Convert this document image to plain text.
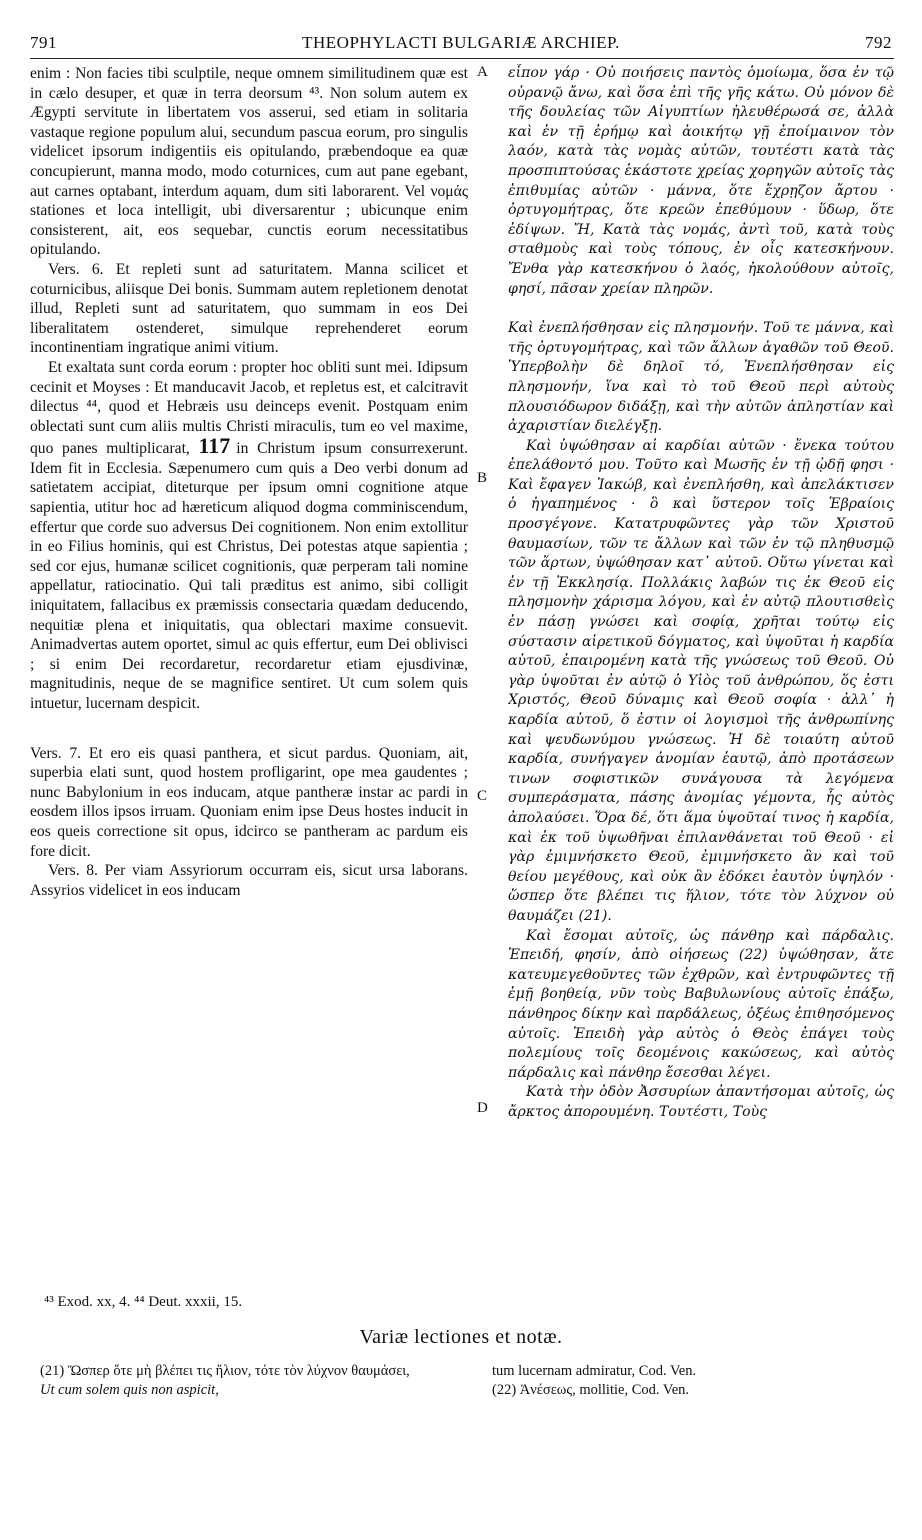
791	THEOPHYLACTI BULGARIÆ ARCHIEP.	792

enim : Non facies tibi sculptile, neque omnem similitudinem quæ est in cælo desuper, et quæ in terra deorsum ⁴³. Non solum autem ex Ægypti servitute in libertatem vos asserui, sed etiam in solitaria vastaque regione populum alui, secundum pascua eorum, pro singulis videlicet ipsorum indigentiis eis opitulando, præbendoque ea quæ concupierunt, manna modo, modo coturnices, cum aut pane egebant, aut carnes optabant, interdum aquam, dum siti laborarent. Vel νομάς stationes et loca intelligit, ubi diversarentur ; ubicunque enim consisterent, ait, eos sequebar, cunctis eorum necessitatibus opitulando.

Vers. 6. Et repleti sunt ad saturitatem. Manna scilicet et coturnicibus, aliisque Dei bonis. Summam autem repletionem denotat illud, Repleti sunt ad saturitatem, quo summam in eos Dei liberalitatem ostenderet, simulque reprehenderet eorum incontinentiam ingratique animi vitium.

Et exaltata sunt corda eorum : propter hoc obliti sunt mei. Idipsum cecinit et Moyses : Et manducavit Jacob, et repletus est, et calcitravit dilectus ⁴⁴, quod et Hebræis usu deinceps evenit. Postquam enim oblectati sunt cum aliis multis Christi miraculis, tum eo vel maxime, quo panes multiplicarat, 117 in Christum ipsum consurrexerunt. Idem fit in Ecclesia. Sæpenumero cum quis a Deo verbi donum ad satietatem accipiat, diteturque per ipsum omni cognitione atque sapientia, utitur hoc ad hæreticum aliquod dogma comminiscendum, effertur que corde suo adversus Dei cognitionem. Non enim extollitur in eo Filius hominis, qui est Christus, Dei potestas atque sapientia ; sed cor ejus, humanæ scilicet cognitionis, quæ perperam tali nomine appellatur, ratiocinatio. Qui tali præditus est animo, sibi colligit iniquitatem, fallacibus ex præmissis consectaria quædam deducendo, nequitiæ plena et iniquitatis, qua oblectari maxime consuevit. Animadvertas autem oportet, simul ac quis effertur, eum Dei oblivisci ; si enim Dei recordaretur, recordaretur etiam ejusdivinæ, magnitudinis, neque de se magnifice sentiret. Ut cum solem quis intuetur, lucernam despicit.

Vers. 7. Et ero eis quasi panthera, et sicut pardus. Quoniam, ait, superbia elati sunt, quod hostem profligarint, ope mea gaudentes ; nunc Babylonium in eos inducam, atque pantheræ instar ac pardi in eosdem illos ipsos irruam. Quoniam enim ipse Deus hostes inducit in eos queis correctione sit opus, idcirco se pantheram ac pardum eis fore dicit.

Vers. 8. Per viam Assyriorum occurram eis, sicut ursa laborans. Assyrios videlicet in eos inducam

A
B
C
D

εἶπον γάρ · Οὐ ποιήσεις παντὸς ὁμοίωμα, ὅσα ἐν τῷ οὐρανῷ ἄνω, καὶ ὅσα ἐπὶ τῆς γῆς κάτω. Οὐ μόνον δὲ τῆς δουλείας τῶν Αἰγυπτίων ἠλευθέρωσά σε, ἀλλὰ καὶ ἐν τῇ ἐρήμῳ καὶ ἀοικήτῳ γῇ ἐποίμαινον τὸν λαόν, κατὰ τὰς νομὰς αὐτῶν, τουτέστι κατὰ τὰς προσπιπτούσας ἑκάστοτε χρείας χορηγῶν αὐτοῖς τὰς ἐπιθυμίας αὐτῶν · μάννα, ὅτε ἔχρῃζον ἄρτου · ὀρτυγομήτρας, ὅτε κρεῶν ἐπεθύμουν · ὕδωρ, ὅτε ἐδίψων. Ἤ, Κατὰ τὰς νομάς, ἀντὶ τοῦ, κατὰ τοὺς σταθμοὺς καὶ τοὺς τόπους, ἐν οἷς κατεσκήνουν. Ἔνθα γὰρ κατεσκήνου ὁ λαός, ἠκολούθουν αὐτοῖς, φησί, πᾶσαν χρείαν πληρῶν.

Καὶ ἐνεπλήσθησαν εἰς πλησμονήν. Τοῦ τε μάννα, καὶ τῆς ὀρτυγομήτρας, καὶ τῶν ἄλλων ἀγαθῶν τοῦ Θεοῦ. Ὑπερβολὴν δὲ δηλοῖ τό, Ἐνεπλήσθησαν εἰς πλησμονήν, ἵνα καὶ τὸ τοῦ Θεοῦ περὶ αὐτοὺς πλουσιόδωρον διδάξῃ, καὶ τὴν αὐτῶν ἀπληστίαν καὶ ἀχαριστίαν διελέγξῃ.

Καὶ ὑψώθησαν αἱ καρδίαι αὐτῶν · ἕνεκα τούτου ἐπελάθοντό μου. Τοῦτο καὶ Μωσῆς ἐν τῇ ᾠδῇ φησι · Καὶ ἔφαγεν Ἰακώβ, καὶ ἐνεπλήσθη, καὶ ἀπελάκτισεν ὁ ἠγαπημένος · ὃ καὶ ὕστερον τοῖς Ἑβραίοις προσγέγονε. Κατατρυφῶντες γὰρ τῶν Χριστοῦ θαυμασίων, τῶν τε ἄλλων καὶ τῶν ἐν τῷ πληθυσμῷ τῶν ἄρτων, ὑψώθησαν κατ᾽ αὐτοῦ. Οὕτω γίνεται καὶ ἐν τῇ Ἐκκλησίᾳ. Πολλάκις λαβών τις ἐκ Θεοῦ εἰς πλησμονὴν χάρισμα λόγου, καὶ ἐν αὐτῷ πλουτισθεὶς ἐν πάσῃ γνώσει καὶ σοφίᾳ, χρῆται τούτῳ εἰς σύστασιν αἱρετικοῦ δόγματος, καὶ ὑψοῦται ἡ καρδία αὐτοῦ, ἐπαιρομένη κατὰ τῆς γνώσεως τοῦ Θεοῦ. Οὐ γὰρ ὑψοῦται ἐν αὐτῷ ὁ Υἱὸς τοῦ ἀνθρώπου, ὅς ἐστι Χριστός, Θεοῦ δύναμις καὶ Θεοῦ σοφία · ἀλλ᾽ ἡ καρδία αὐτοῦ, ὅ ἐστιν οἱ λογισμοὶ τῆς ἀνθρωπίνης καὶ ψευδωνύμου γνώσεως. Ἡ δὲ τοιαύτη αὐτοῦ καρδία, συνήγαγεν ἀνομίαν ἑαυτῷ, ἀπὸ προτάσεων τινων σοφιστικῶν συνάγουσα τὰ λεγόμενα συμπεράσματα, πάσης ἀνομίας γέμοντα, ἧς αὐτὸς ἀπολαύσει. Ὅρα δέ, ὅτι ἅμα ὑψοῦταί τινος ἡ καρδία, καὶ ἐκ τοῦ ὑψωθῆναι ἐπιλανθάνεται τοῦ Θεοῦ · εἰ γὰρ ἐμιμνήσκετο Θεοῦ, ἐμιμνήσκετο ἂν καὶ τοῦ θείου μεγέθους, καὶ οὐκ ἂν ἐδόκει ἑαυτὸν ὑψηλόν · ὥσπερ ὅτε βλέπει τις ἥλιον, τότε τὸν λύχνον οὐ θαυμάζει (21).

Καὶ ἔσομαι αὐτοῖς, ὡς πάνθηρ καὶ πάρδαλις. Ἐπειδή, φησίν, ἀπὸ οἰήσεως (22) ὑψώθησαν, ἅτε κατευμεγεθοῦντες τῶν ἐχθρῶν, καὶ ἐντρυφῶντες τῇ ἐμῇ βοηθείᾳ, νῦν τοὺς Βαβυλωνίους αὐτοῖς ἐπάξω, πάνθηρος δίκην καὶ παρδάλεως, ὀξέως ἐπιθησόμενος αὐτοῖς. Ἐπειδὴ γὰρ αὐτὸς ὁ Θεὸς ἐπάγει τοὺς πολεμίους τοῖς δεομένοις κακώσεως, καὶ αὐτὸς πάρδαλις καὶ πάνθηρ ἔσεσθαι λέγει.

Κατὰ τὴν ὁδὸν Ἀσσυρίων ἀπαντήσομαι αὐτοῖς, ὡς ἄρκτος ἀπορουμένη. Τουτέστι, Τοὺς

⁴³ Exod. xx, 4. ⁴⁴ Deut. xxxii, 15.
Variæ lectiones et notæ.

(21) Ὥσπερ ὅτε μὴ βλέπει τις ἥλιον, τότε τὸν λύχνον θαυμάσει,

Ut cum solem quis non aspicit,

tum lucernam admiratur, Cod. Ven.

(22) Ἀνέσεως, mollitie, Cod. Ven.
